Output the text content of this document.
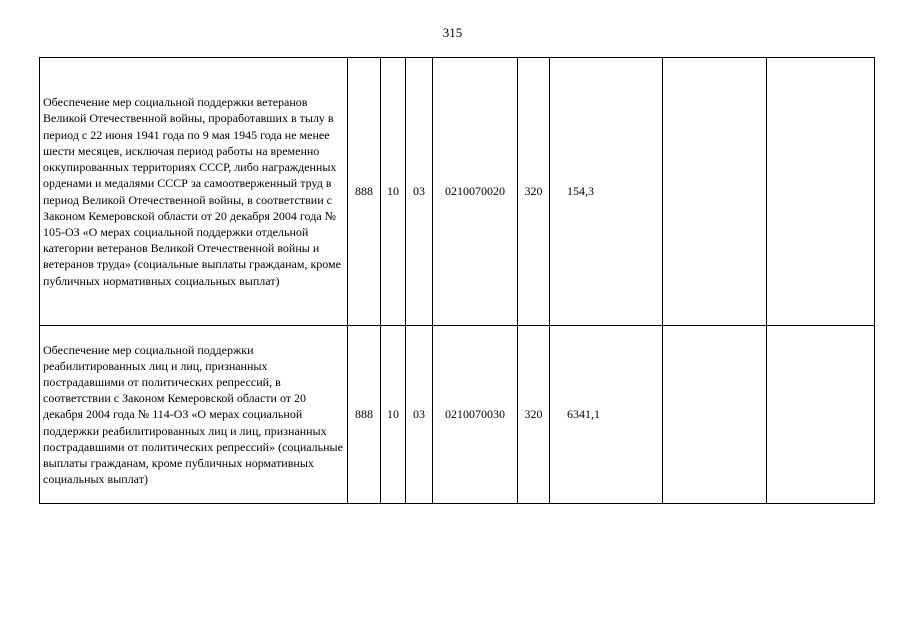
315
Обеспечение мер социальной поддержки ветеранов Великой Отечественной войны, проработавших в тылу в период с 22 июня 1941 года по 9 мая 1945 года не менее шести месяцев, исключая период работы на временно оккупированных территориях СССР, либо награжденных орденами и медалями СССР за самоотверженный труд в период Великой Отечественной войны, в соответствии с Законом Кемеровской области от 20 декабря 2004 года № 105-ОЗ «О мерах социальной поддержки отдельной категории ветеранов Великой Отечественной войны и ветеранов труда» (социальные выплаты гражданам, кроме публичных нормативных социальных выплат)	888	10	03	0210070020	320	154,3		
Обеспечение мер социальной поддержки реабилитированных лиц и лиц, признанных пострадавшими от политических репрессий, в соответствии с Законом Кемеровской области от 20 декабря 2004 года № 114-ОЗ «О мерах социальной поддержки реабилитированных лиц и лиц, признанных пострадавшими от политических репрессий» (социальные выплаты гражданам, кроме публичных нормативных социальных выплат)	888	10	03	0210070030	320	6341,1		
